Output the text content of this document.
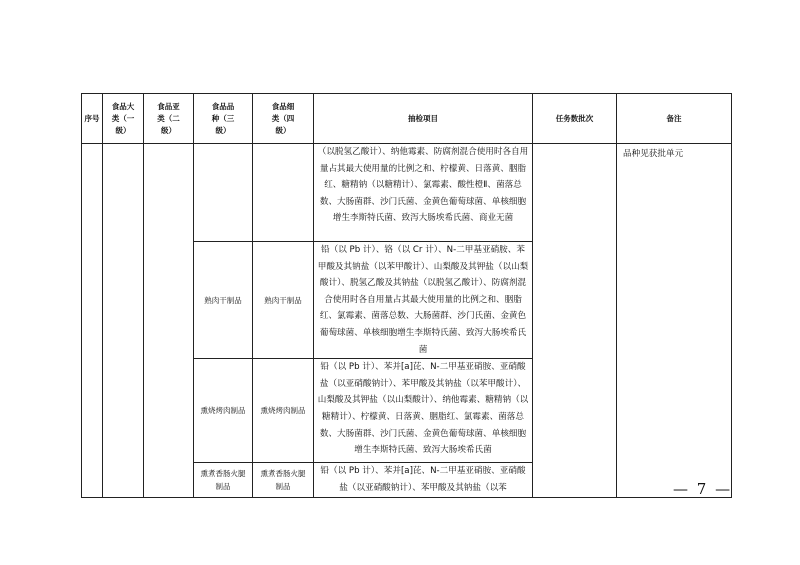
序号	食品大类（一级）	食品亚类（二级）	食品品种（三级）	食品细类（四级）	抽检项目	任务数批次	备注
					（以脱氢乙酸计）、纳他霉素、防腐剂混合使用时各自用量占其最大使用量的比例之和、柠檬黄、日落黄、胭脂红、糖精钠（以糖精计）、氯霉素、酸性橙Ⅱ、菌落总数、大肠菌群、沙门氏菌、金黄色葡萄球菌、单核细胞增生李斯特氏菌、致泻大肠埃希氏菌、商业无菌		品种见获批单元
			熟肉干制品	熟肉干制品	铅（以 Pb 计）、铬（以 Cr 计）、N-二甲基亚硝胺、苯甲酸及其钠盐（以苯甲酸计）、山梨酸及其钾盐（以山梨酸计）、脱氢乙酸及其钠盐（以脱氢乙酸计）、防腐剂混合使用时各自用量占其最大使用量的比例之和、胭脂红、氯霉素、菌落总数、大肠菌群、沙门氏菌、金黄色葡萄球菌、单核细胞增生李斯特氏菌、致泻大肠埃希氏菌		
			熏烧烤肉制品	熏烧烤肉制品	铅（以 Pb 计）、苯并[a]芘、N-二甲基亚硝胺、亚硝酸盐（以亚硝酸钠计）、苯甲酸及其钠盐（以苯甲酸计）、山梨酸及其钾盐（以山梨酸计）、纳他霉素、糖精钠（以糖精计）、柠檬黄、日落黄、胭脂红、氯霉素、菌落总数、大肠菌群、沙门氏菌、金黄色葡萄球菌、单核细胞增生李斯特氏菌、致泻大肠埃希氏菌		
			熏煮香肠火腿制品	熏煮香肠火腿制品	铅（以 Pb 计）、苯并[a]芘、N-二甲基亚硝胺、亚硝酸盐（以亚硝酸钠计）、苯甲酸及其钠盐（以苯			— 7 —
